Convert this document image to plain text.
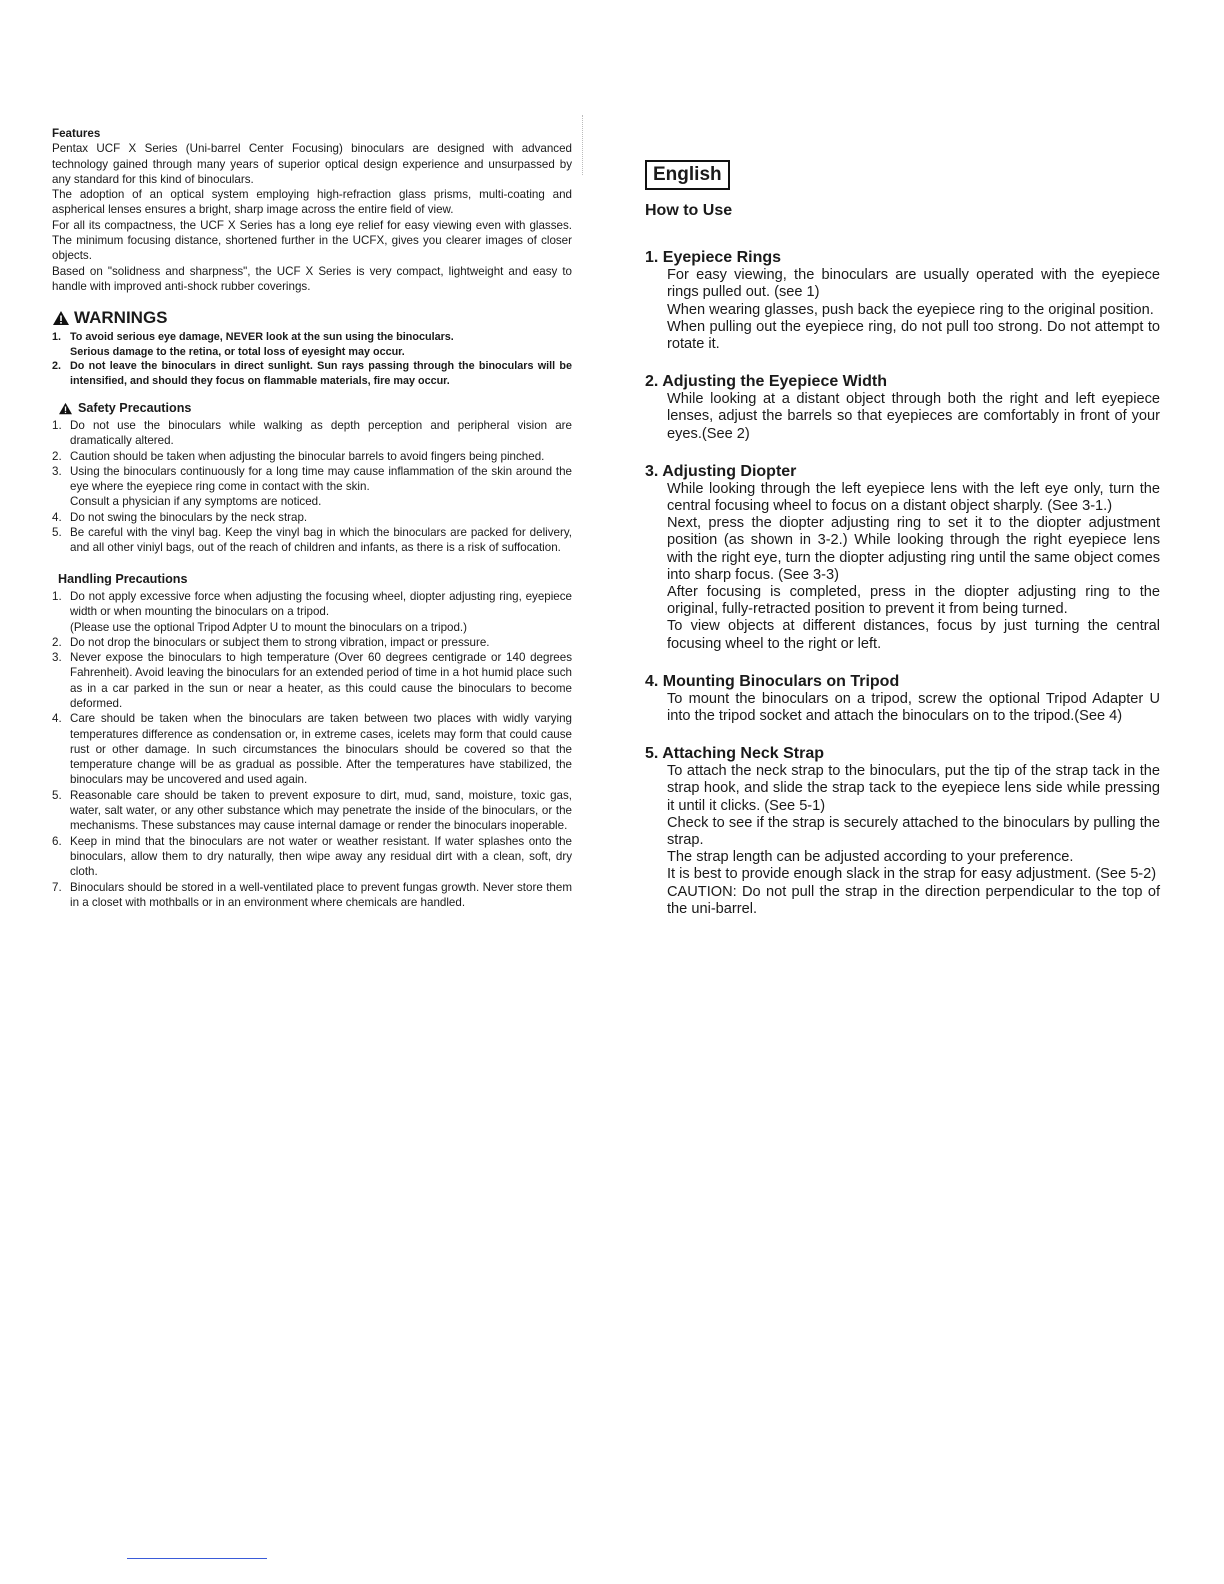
Features

Pentax UCF X Series (Uni-barrel Center Focusing) binoculars are designed with advanced technology gained through many years of superior optical design experience and unsurpassed by any standard for this kind of binoculars.

The adoption of an optical system employing high-refraction glass prisms, multi-coating and aspherical lenses ensures a bright, sharp image across the entire field of view.

For all its compactness, the UCF X Series has a long eye relief for easy viewing even with glasses. The minimum focusing distance, shortened further in the UCFX, gives you clearer images of closer objects.

Based on "solidness and sharpness", the UCF X Series is very compact, lightweight and easy to handle with improved anti-shock rubber coverings.

WARNINGS
1. To avoid serious eye damage, NEVER look at the sun using the binoculars.
Serious damage to the retina, or total loss of eyesight may occur.
2. Do not leave the binoculars in direct sunlight. Sun rays passing through the binoculars will be intensified, and should they focus on flammable materials, fire may occur.
Safety Precautions
1. Do not use the binoculars while walking as depth perception and peripheral vision are dramatically altered.
2. Caution should be taken when adjusting the binocular barrels to avoid fingers being pinched.
3. Using the binoculars continuously for a long time may cause inflammation of the skin around the eye where the eyepiece ring come in contact with the skin.
Consult a physician if any symptoms are noticed.
4. Do not swing the binoculars by the neck strap.
5. Be careful with the vinyl bag. Keep the vinyl bag in which the binoculars are packed for delivery, and all other viniyl bags, out of the reach of children and infants, as there is a risk of suffocation.
Handling Precautions
1. Do not apply excessive force when adjusting the focusing wheel, diopter adjusting ring, eyepiece width or when mounting the binoculars on a tripod.
(Please use the optional Tripod Adpter U to mount the binoculars on a tripod.)
2. Do not drop the binoculars or subject them to strong vibration, impact or pressure.
3. Never expose the binoculars to high temperature (Over 60 degrees centigrade or 140 degrees Fahrenheit). Avoid leaving the binoculars for an extended period of time in a hot humid place such as in a car parked in the sun or near a heater, as this could cause the binoculars to become deformed.
4. Care should be taken when the binoculars are taken between two places with widly varying temperatures difference as condensation or, in extreme cases, icelets may form that could cause rust or other damage. In such circumstances the binoculars should be covered so that the temperature change will be as gradual as possible. After the temperatures have stabilized, the binoculars may be uncovered and used again.
5. Reasonable care should be taken to prevent exposure to dirt, mud, sand, moisture, toxic gas, water, salt water, or any other substance which may penetrate the inside of the binoculars, or the mechanisms. These substances may cause internal damage or render the binoculars inoperable.
6. Keep in mind that the binoculars are not water or weather resistant. If water splashes onto the binoculars, allow them to dry naturally, then wipe away any residual dirt with a clean, soft, dry cloth.
7. Binoculars should be stored in a well-ventilated place to prevent fungas growth. Never store them in a closet with mothballs or in an environment where chemicals are handled.
English

How to Use

1. Eyepiece Rings

For easy viewing, the binoculars are usually operated with the eyepiece rings pulled out. (see 1)
When wearing glasses, push back the eyepiece ring to the original position.
When pulling out the eyepiece ring, do not pull too strong. Do not attempt to rotate it.

2. Adjusting the Eyepiece Width

While looking at a distant object through both the right and left eyepiece lenses, adjust the barrels so that eyepieces are comfortably in front of your eyes.(See 2)

3. Adjusting Diopter

While looking through the left eyepiece lens with the left eye only, turn the central focusing wheel to focus on a distant object sharply. (See 3-1.)
Next, press the diopter adjusting ring to set it to the diopter adjustment position (as shown in 3-2.) While looking through the right eyepiece lens with the right eye, turn the diopter adjusting ring until the same object comes into sharp focus. (See 3-3)
After focusing is completed, press in the diopter adjusting ring to the original, fully-retracted position to prevent it from being turned.
To view objects at different distances, focus by just turning the central focusing wheel to the right or left.

4. Mounting Binoculars on Tripod

To mount the binoculars on a tripod, screw the optional Tripod Adapter U into the tripod socket and attach the binoculars on to the tripod.(See 4)

5. Attaching Neck Strap

To attach the neck strap to the binoculars, put the tip of the strap tack in the strap hook, and slide the strap tack to the eyepiece lens side while pressing it until it clicks. (See 5-1)
Check to see if the strap is securely attached to the binoculars by pulling the strap.
The strap length can be adjusted according to your preference.
It is best to provide enough slack in the strap for easy adjustment. (See 5-2)
CAUTION: Do not pull the strap in the direction perpendicular to the top of the uni-barrel.
